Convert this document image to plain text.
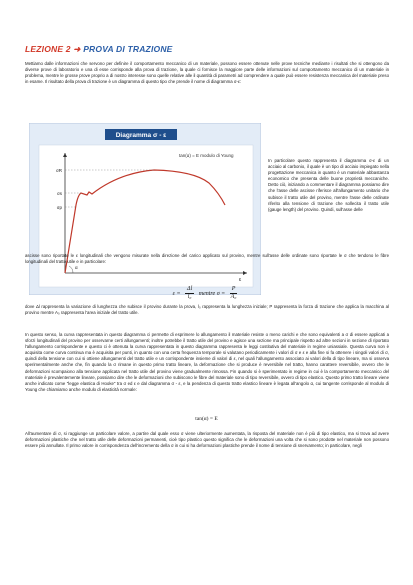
LEZIONE 2 ➜ PROVA DI TRAZIONE

Mettiamo dalle informazioni che servono per definire il comportamento meccanico di un materiale, possono essere ottenute nelle prove tecniche mediante i risultati che si ottengono da diverse prove di laboratorio e una di esse corrisponde alla prova di trazione, la quale ci fornisce la maggiore parte delle informazioni sul comportamento meccanico di un materiale in problema, mentre le grosse prove proprio a di nostro interesse sono quelle relative alle il quantità di parametri ad comprendere a quale può essere resistenza meccanica del materiale preso in esame. Il risultato della prova di trazione è un diagramma di questo tipo che prende il nome di diagramma σ-ε:

Diagramma σ - ε
σR
σs
σp
α
ε
tan(α) = E modulo di Young

In particolare questo rappresenta il diagramma σ-ε di un acciaio al carbonio, il quale è un tipo di acciaio impiegato nella progettazione meccanica in quanto è un materiale abbastanza economico che presenta delle buone proprietà meccaniche. Detto ciò, iniziando a commentare il diagramma possiamo dire che l'asse delle ascisse riferisce all'allungamento unitario che subisce il tratto utile del provino, mentre l'asse delle ordinate riferito alla tensione di trazione che sollecita il tratto utile (gauge length) del provino. Quindi, sull'asse delle

ascisse sono riportate le ε longitudinali che vengono misurate nella direzione del carico applicato sul provino, mentre sull'asse delle ordinate sono riportate le σ che tendono le fibre longitudinali del tratto utile e in particolare:

$\varepsilon = \frac{\Delta l}{\text{l₀}}$ mentre $\sigma = \frac{P}{\text{A₀}}$

dove Δl rappresenta la variazione di lunghezza che subisce il provino durante la prova, l₀ rappresenta la lunghezza iniziale; P rappresenta la forza di trazione che applica la macchina al provino mentre A₀ rappresenta l'area iniziale del tratto utile.

In questo senso, la curva rappresentata in questo diagramma ci permette di esprimere lo allungamento il materiale resiste o meno carichi e che sono equivalenti a σ di essere applicati a sforzi longitudinali del provino per osservarne certi allungamenti; inoltre potrebbe il tratto utile del provino e agisce una sezione ma principale rispetto ad altre sezioni in sezione di riportato l'allungamento corrispondente e questo ci è ottenuta la curva rappresentata in questo diagramma rappresenta le leggi costitutiva del materiale in regime uniassiale. Questa curva non è acquisita come curva continua ma è acquisita per punti, in quanto con una certa frequenza temporale si valutano periodicamente i valori di σ e ε e alla fine si fa ottenere i singoli valori di σ, quindi della tensione con cui si ottiene allungamenti del tratto utile e un corrispondente insieme di valori di ε, nel quali l'allungamento associato ai valori della di tipo lineare, ma si osserva sperimentalmente anche che, fin quando la σ rimane in questo primo tratto lineare, la deformazione che si produce è reversibile nel tratto, hanno carattere reversibile, ovvero che le deformazioni scompaiono alla tensione applicata nel tratto utile del provino viene gradualmente rimossa. Fin quando si è sperimentato in regime in cui è la comportamento meccanico del materiale è prevalentemente lineare, possiamo dire che le deformazioni che subiscono le fibre del materiale sono di tipo reversibile, ovvero di tipo elastico. Questo primo tratto lineare viene anche indicato come "legge elastica di Hooke" tra σ ed ε e dal diagramma σ - ε, e la pendenza di questo tratto elastico lineare è legata all'angolo α, cui tangente corrisponde al modulo di Young che chiamiamo anche modulo di elasticità normale:

tan(α) = E

All'aumentare di σ, si raggiunge un particolare valore, a partire dal quale esso σ viene ulteriormente aumentata, la risposta del materiale non è più di tipo elastico, ma si trova ad avere deformazioni plastiche che nel tratto utile delle deformazioni permanenti, cioè tipo plastico questo significa che le deformazioni una volta che si sono prodotte nel materiale non possono essere più annullate. Il primo valore in corrispondenza dell'incremento della σ in cui si ha deformazioni plastiche prende il nome di tensione di snervamento; in particolare, negli
